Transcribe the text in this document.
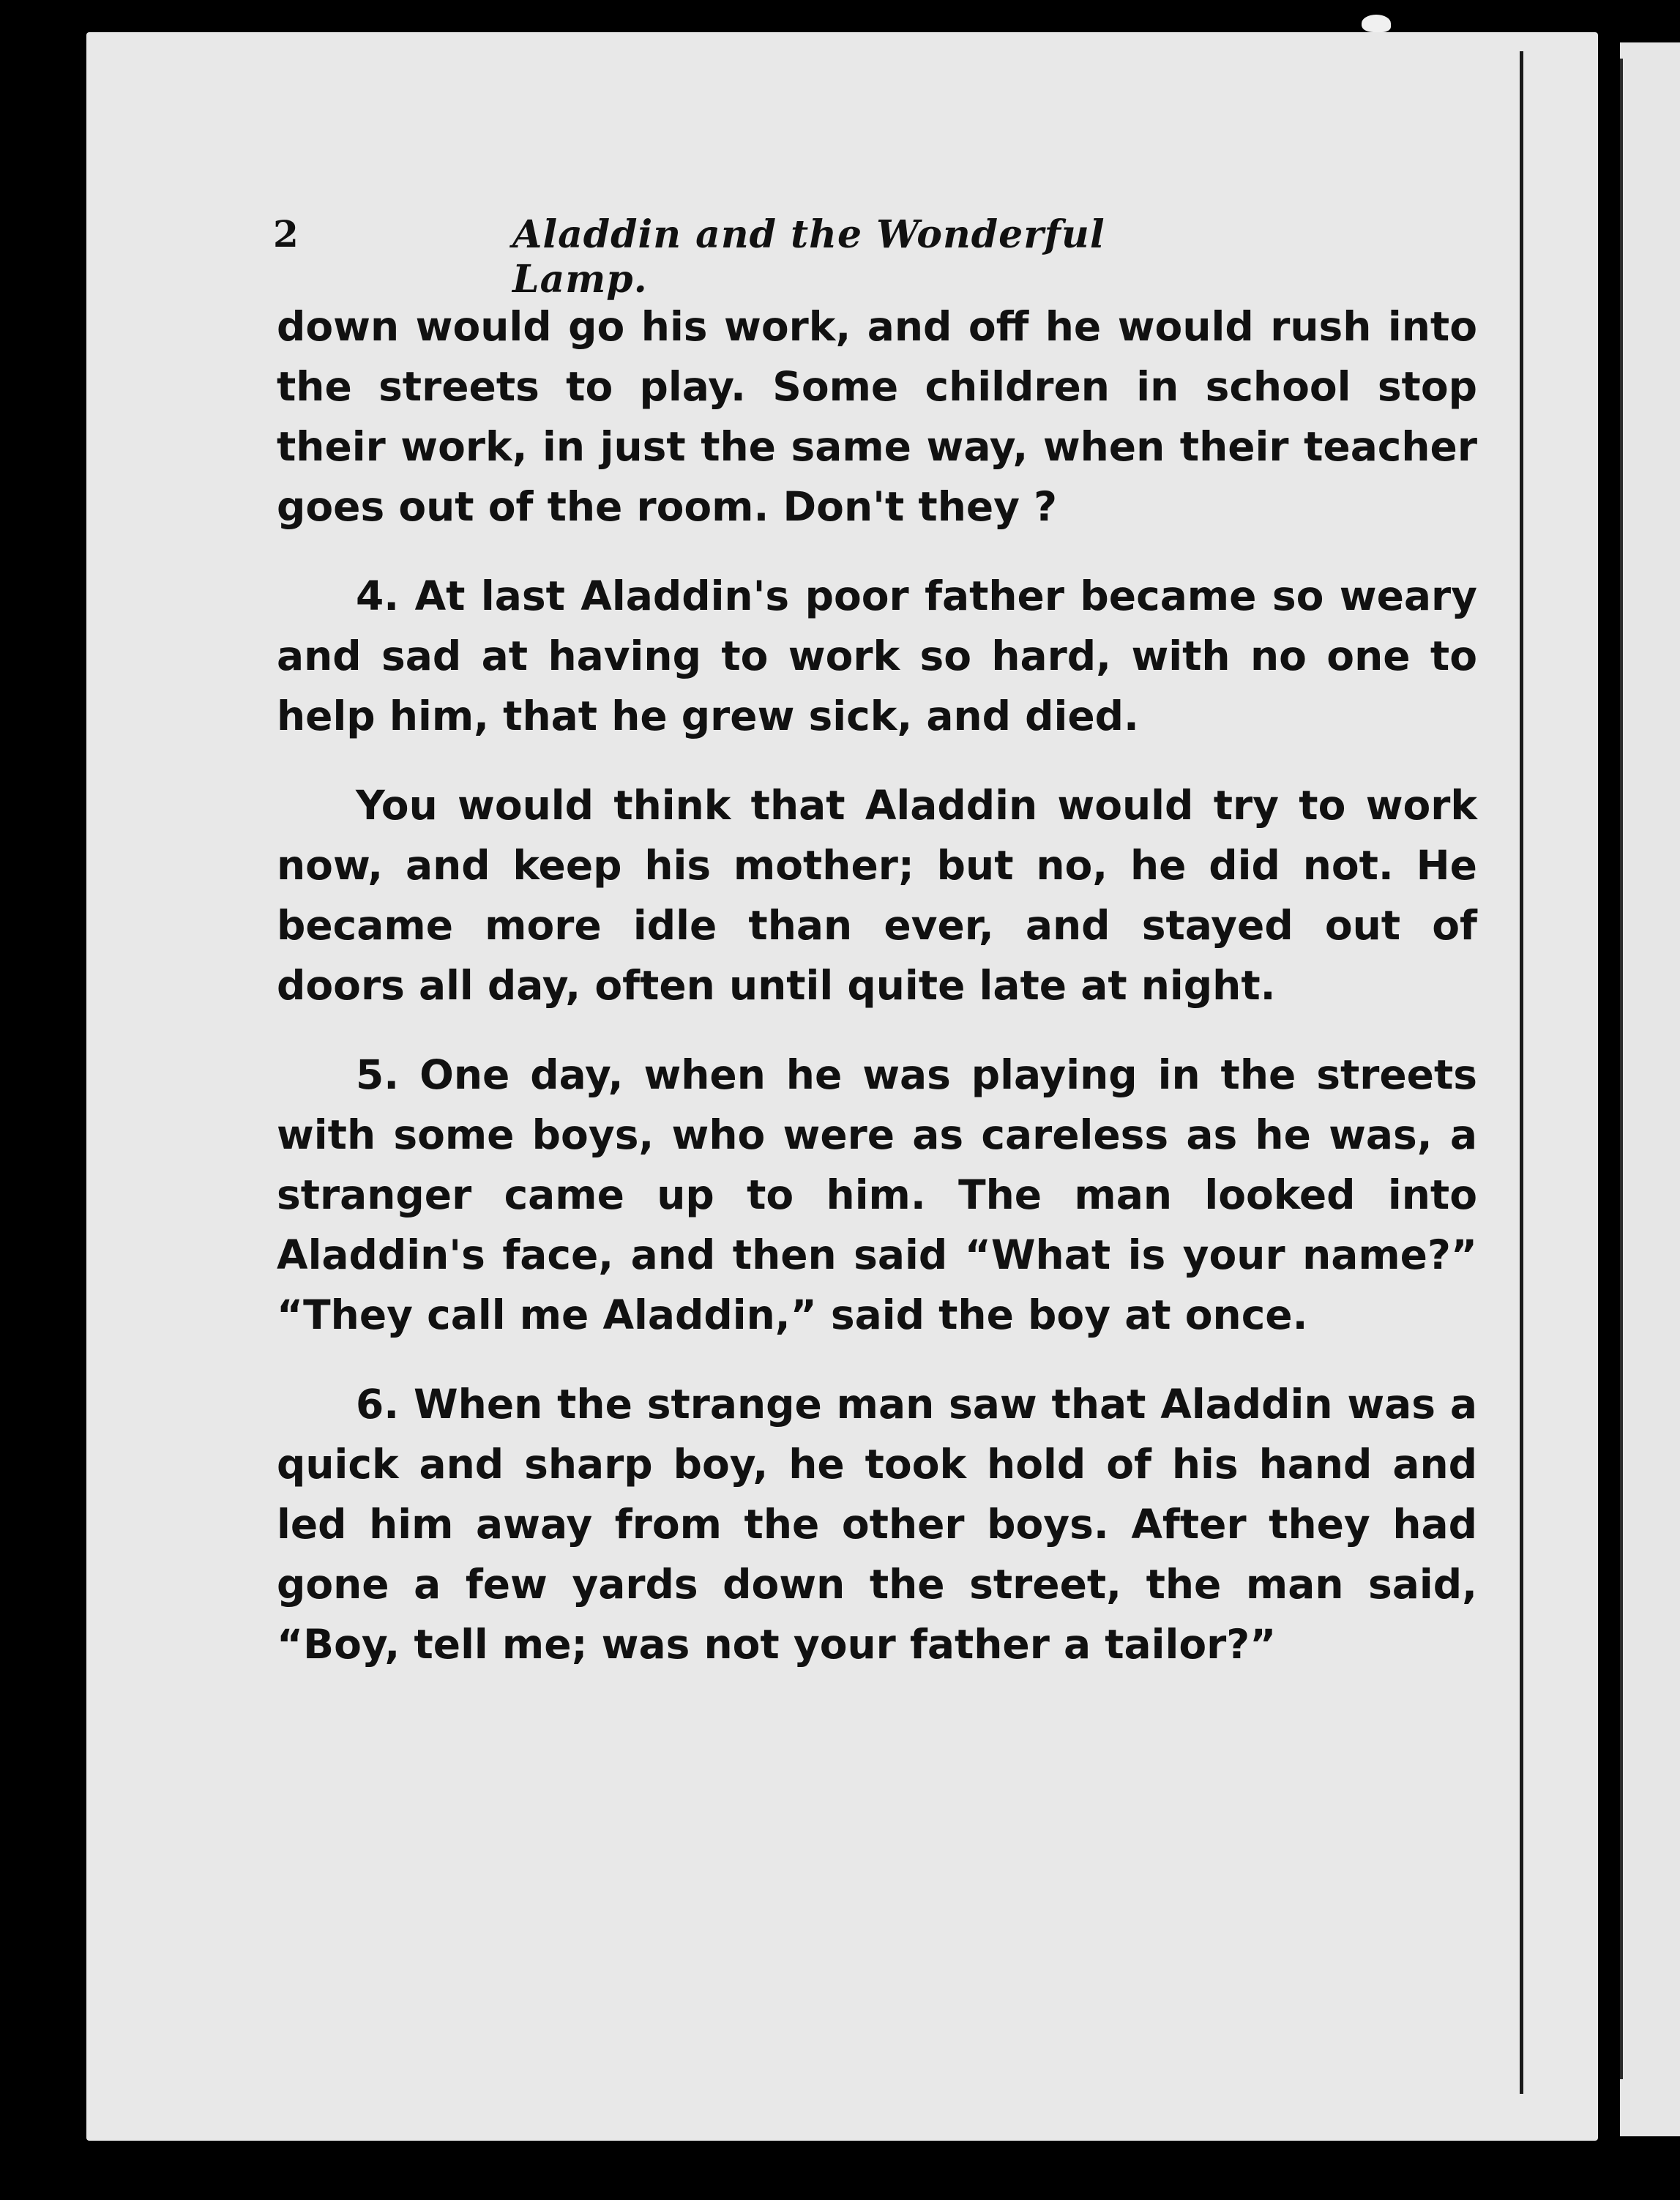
2	Aladdin and the Wonderful Lamp.

down would go his work, and off he would rush into the streets to play. Some children in school stop their work, in just the same way, when their teacher goes out of the room. Don't they ?

4. At last Aladdin's poor father became so weary and sad at having to work so hard, with no one to help him, that he grew sick, and died.

You would think that Aladdin would try to work now, and keep his mother; but no, he did not. He became more idle than ever, and stayed out of doors all day, often until quite late at night.

5. One day, when he was playing in the streets with some boys, who were as careless as he was, a stranger came up to him. The man looked into Aladdin's face, and then said “What is your name?” “They call me Aladdin,” said the boy at once.

6. When the strange man saw that Aladdin was a quick and sharp boy, he took hold of his hand and led him away from the other boys. After they had gone a few yards down the street, the man said, “Boy, tell me; was not your father a tailor?”
